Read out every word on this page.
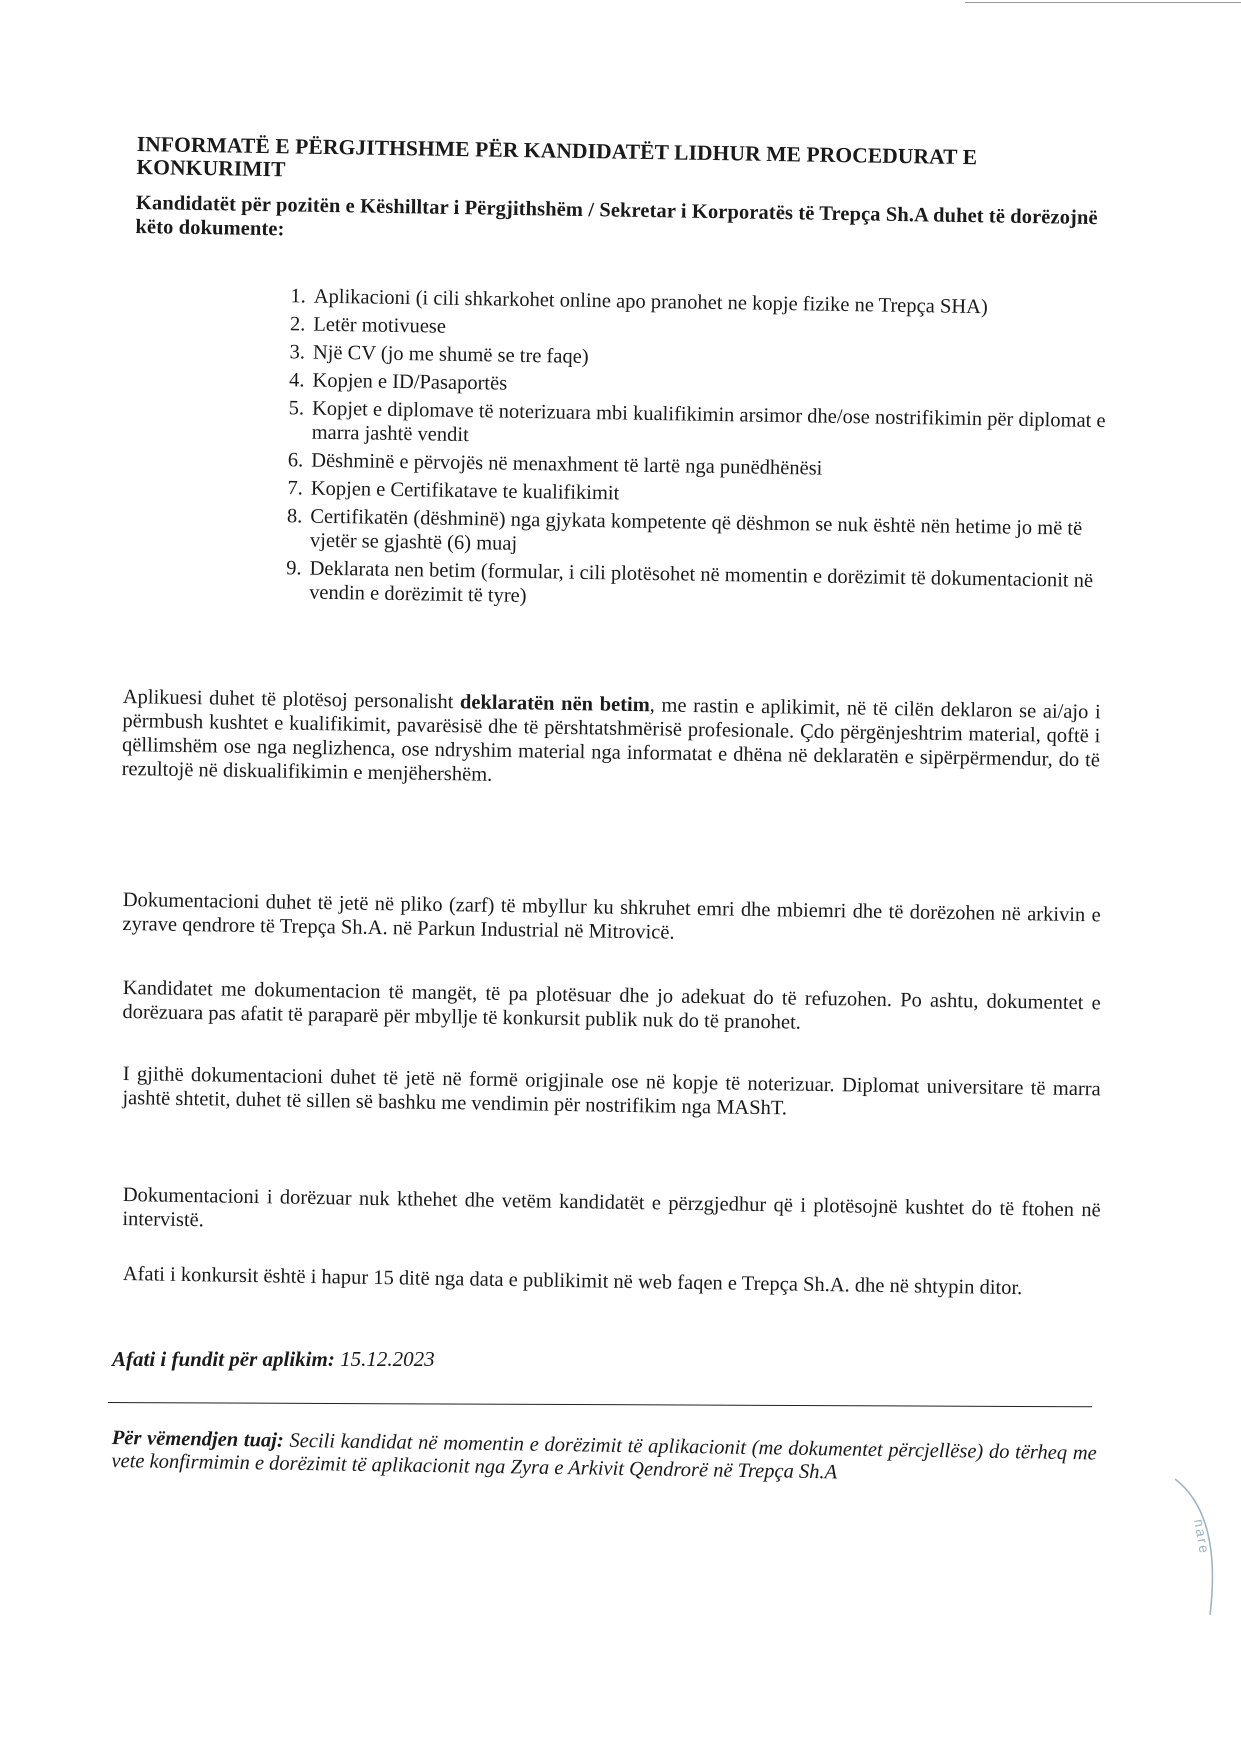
INFORMATË E PËRGJITHSHME PËR KANDIDATËT LIDHUR ME PROCEDURAT E KONKURIMIT
Kandidatët për pozitën e Këshilltar i Përgjithshëm / Sekretar i Korporatës të Trepça Sh.A duhet të dorëzojnë këto dokumente:
1. Aplikacioni (i cili shkarkohet online apo pranohet ne kopje fizike ne Trepça SHA)
2. Letër motivuese
3. Një CV (jo me shumë se tre faqe)
4. Kopjen e ID/Pasaportës
5. Kopjet e diplomave të noterizuara mbi kualifikimin arsimor dhe/ose nostrifikimin për diplomat e marra jashtë vendit
6. Dëshminë e përvojës në menaxhment të lartë nga punëdhënësi
7. Kopjen e Certifikatave te kualifikimit
8. Certifikatën (dëshminë) nga gjykata kompetente që dëshmon se nuk është nën hetime jo më të vjetër se gjashtë (6) muaj
9. Deklarata nen betim (formular, i cili plotësohet në momentin e dorëzimit të dokumentacionit në vendin e dorëzimit të tyre)
Aplikuesi duhet të plotësoj personalisht deklaratën nën betim, me rastin e aplikimit, në të cilën deklaron se ai/ajo i përmbush kushtet e kualifikimit, pavarësisë dhe të përshtatshmërisë profesionale. Çdo përgënjeshtrim material, qoftë i qëllimshëm ose nga neglizhenca, ose ndryshim material nga informatat e dhëna në deklaratën e sipërpërmendur, do të rezultojë në diskualifikimin e menjëhershëm.
Dokumentacioni duhet të jetë në pliko (zarf) të mbyllur ku shkruhet emri dhe mbiemri dhe të dorëzohen në arkivin e zyrave qendrore të Trepça Sh.A. në Parkun Industrial në Mitrovicë.
Kandidatet me dokumentacion të mangët, të pa plotësuar dhe jo adekuat do të refuzohen. Po ashtu, dokumentet e dorëzuara pas afatit të paraparë për mbyllje të konkursit publik nuk do të pranohet.
I gjithë dokumentacioni duhet të jetë në formë origjinale ose në kopje të noterizuar. Diplomat universitare të marra jashtë shtetit, duhet të sillen së bashku me vendimin për nostrifikim nga MAShT.
Dokumentacioni i dorëzuar nuk kthehet dhe vetëm kandidatët e përzgjedhur që i plotësojnë kushtet do të ftohen në intervistë.
Afati i konkursit është i hapur 15 ditë nga data e publikimit në web faqen e Trepça Sh.A. dhe në shtypin ditor.
Afati i fundit për aplikim: 15.12.2023
Për vëmendjen tuaj: Secili kandidat në momentin e dorëzimit të aplikacionit (me dokumentet përcjellëse) do tërheq me vete konfirmimin e dorëzimit të aplikacionit nga Zyra e Arkivit Qendrorë në Trepça Sh.A
nare
